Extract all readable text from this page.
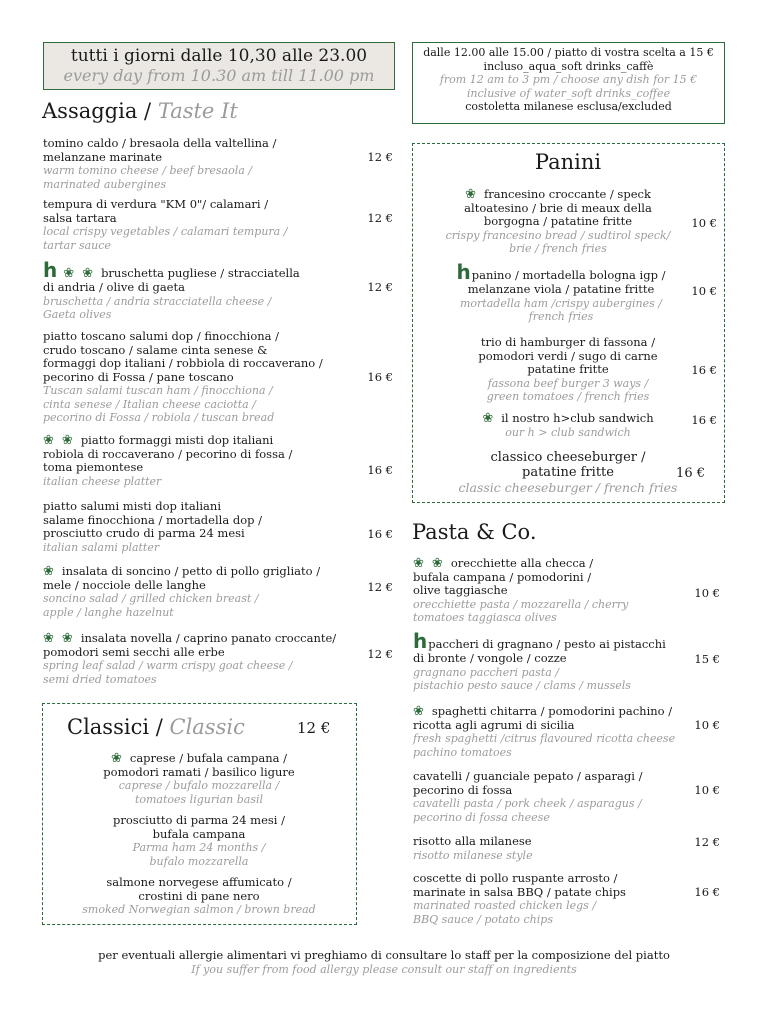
tutti i giorni dalle 10,30 alle 23.00
every day from 10.30 am till 11.00 pm
dalle 12.00 alle 15.00 / piatto di vostra scelta a 15 €
incluso_aqua_soft drinks_caffè
from 12 am to 3 pm / choose any dish for 15 €
inclusive of water_soft drinks_coffee
costoletta milanese esclusa/excluded
Assaggia / Taste It
tomino caldo / bresaola della valtellina /
melanzane marinate
warm tomino cheese / beef bresaola /
marinated aubergines
12 €
tempura di verdura "KM 0"/ calamari /
salsa tartara
local crispy vegetables / calamari tempura /
tartar sauce
12 €
h ❀ ❀ bruschetta pugliese / stracciatella
di andria / olive di gaeta
bruschetta / andria stracciatella cheese /
Gaeta olives
12 €
piatto toscano salumi dop / finocchiona /
crudo toscano / salame cinta senese &
formaggi dop italiani / robbiola di roccaverano /
pecorino di Fossa / pane toscano
Tuscan salami tuscan ham / finocchiona /
cinta senese / Italian cheese caciotta /
pecorino di Fossa / robiola / tuscan bread
16 €
❀ ❀ piatto formaggi misti dop italiani
robiola di roccaverano / pecorino di fossa /
toma piemontese
italian cheese platter
16 €
piatto salumi misti dop italiani
salame finocchiona / mortadella dop /
prosciutto crudo di parma 24 mesi
italian salami platter
16 €
❀ insalata di soncino / petto di pollo grigliato /
mele / nocciole delle langhe
soncino salad / grilled chicken breast /
apple / langhe hazelnut
12 €
❀ ❀ insalata novella / caprino panato croccante/
pomodori semi secchi alle erbe
spring leaf salad / warm crispy goat cheese /
semi dried tomatoes
12 €
Classici / Classic	12 €
❀ caprese / bufala campana /
pomodori ramati / basilico ligure
caprese / bufalo mozzarella /
tomatoes ligurian basil
prosciutto di parma 24 mesi /
bufala campana
Parma ham 24 months /
bufalo mozzarella
salmone norvegese affumicato /
crostini di pane nero
smoked Norwegian salmon / brown bread
Panini
❀ francesino croccante / speck
altoatesino / brie di meaux della
borgogna / patatine fritte
crispy francesino bread / sudtirol speck/
brie / french fries
10 €
hpanino / mortadella bologna igp /
melanzane viola / patatine fritte
mortadella ham /crispy aubergines /
french fries
10 €
trio di hamburger di fassona /
pomodori verdi / sugo di carne
patatine fritte
fassona beef burger 3 ways /
green tomatoes / french fries
16 €
❀ il nostro h>club sandwich
our h > club sandwich
16 €
classico cheeseburger /
patatine fritte
classic cheeseburger / french fries
16 €
Pasta & Co.
❀ ❀ orecchiette alla checca /
bufala campana / pomodorini /
olive taggiasche
orecchiette pasta / mozzarella / cherry
tomatoes taggiasca olives
10 €
hpaccheri di gragnano / pesto ai pistacchi
di bronte / vongole / cozze
gragnano paccheri pasta /
pistachio pesto sauce / clams / mussels
15 €
❀ spaghetti chitarra / pomodorini pachino /
ricotta agli agrumi di sicilia
fresh spaghetti /citrus flavoured ricotta cheese
pachino tomatoes
10 €
cavatelli / guanciale pepato / asparagi /
pecorino di fossa
cavatelli pasta / pork cheek / asparagus /
pecorino di fossa cheese
10 €
risotto alla milanese
risotto milanese style
12 €
coscette di pollo ruspante arrosto /
marinate in salsa BBQ / patate chips
marinated roasted chicken legs /
BBQ sauce / potato chips
16 €
per eventuali allergie alimentari vi preghiamo di consultare lo staff per la composizione del piatto
If you suffer from food allergy please consult our staff on ingredients
